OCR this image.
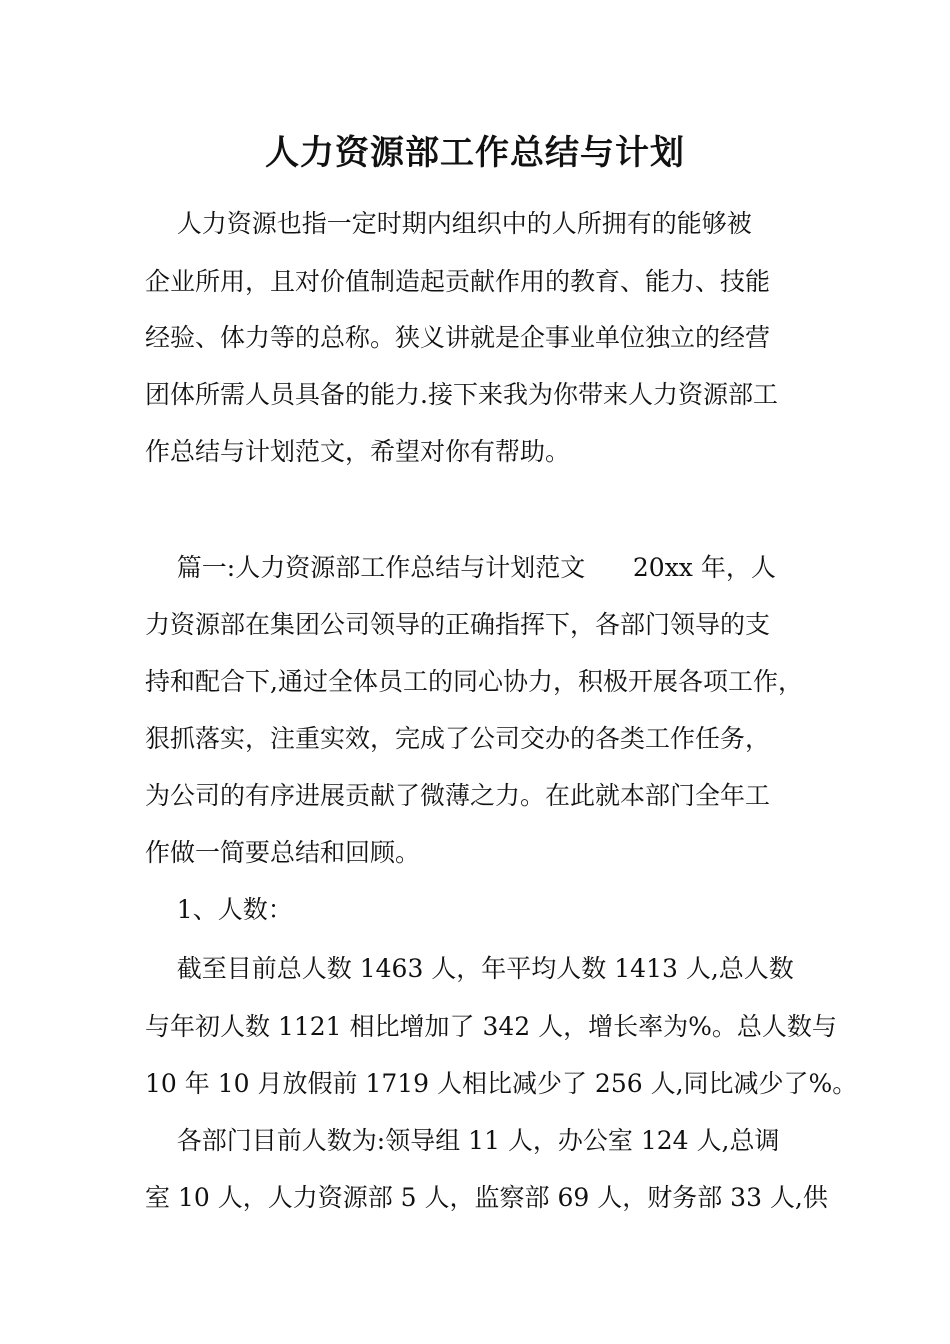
人力资源部工作总结与计划

人力资源也指一定时期内组织中的人所拥有的能够被

企业所用，且对价值制造起贡献作用的教育、能力、技能

经验、体力等的总称。狭义讲就是企事业单位独立的经营

团体所需人员具备的能力.接下来我为你带来人力资源部工

作总结与计划范文，希望对你有帮助。

篇一:人力资源部工作总结与计划范文      20xx 年，人

力资源部在集团公司领导的正确指挥下，各部门领导的支

持和配合下,通过全体员工的同心协力，积极开展各项工作，

狠抓落实，注重实效，完成了公司交办的各类工作任务，

为公司的有序进展贡献了微薄之力。在此就本部门全年工

作做一简要总结和回顾。

1、人数：

截至目前总人数 1463 人，年平均人数 1413 人,总人数

与年初人数 1121 相比增加了 342 人，增长率为%。总人数与

10 年 10 月放假前 1719 人相比减少了 256 人,同比减少了%。

各部门目前人数为:领导组 11 人，办公室 124 人,总调

室 10 人，人力资源部 5 人，监察部 69 人，财务部 33 人,供
